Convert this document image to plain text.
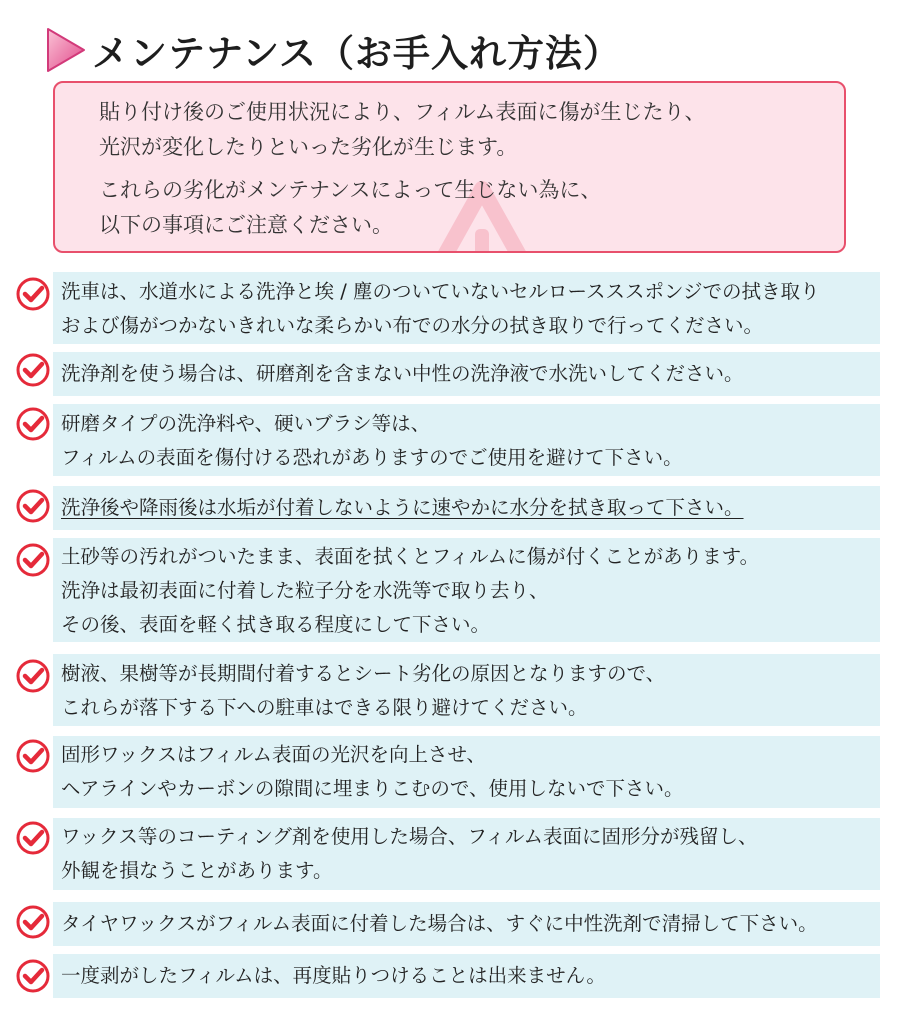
メンテナンス（お手入れ方法）

貼り付け後のご使用状況により、フィルム表面に傷が生じたり、

光沢が変化したりといった劣化が生じます。

これらの劣化がメンテナンスによって生じない為に、

以下の事項にご注意ください。

洗車は、水道水による洗浄と埃 / 塵のついていないセルロースススポンジでの拭き取り
および傷がつかないきれいな柔らかい布での水分の拭き取りで行ってください。
洗浄剤を使う場合は、研磨剤を含まない中性の洗浄液で水洗いしてください。
研磨タイプの洗浄料や、硬いブラシ等は、
フィルムの表面を傷付ける恐れがありますのでご使用を避けて下さい。
洗浄後や降雨後は水垢が付着しないように速やかに水分を拭き取って下さい。
土砂等の汚れがついたまま、表面を拭くとフィルムに傷が付くことがあります。
洗浄は最初表面に付着した粒子分を水洗等で取り去り、
その後、表面を軽く拭き取る程度にして下さい。
樹液、果樹等が長期間付着するとシート劣化の原因となりますので、
これらが落下する下への駐車はできる限り避けてください。
固形ワックスはフィルム表面の光沢を向上させ、
ヘアラインやカーボンの隙間に埋まりこむので、使用しないで下さい。
ワックス等のコーティング剤を使用した場合、フィルム表面に固形分が残留し、
外観を損なうことがあります。
タイヤワックスがフィルム表面に付着した場合は、すぐに中性洗剤で清掃して下さい。
一度剥がしたフィルムは、再度貼りつけることは出来ません。
